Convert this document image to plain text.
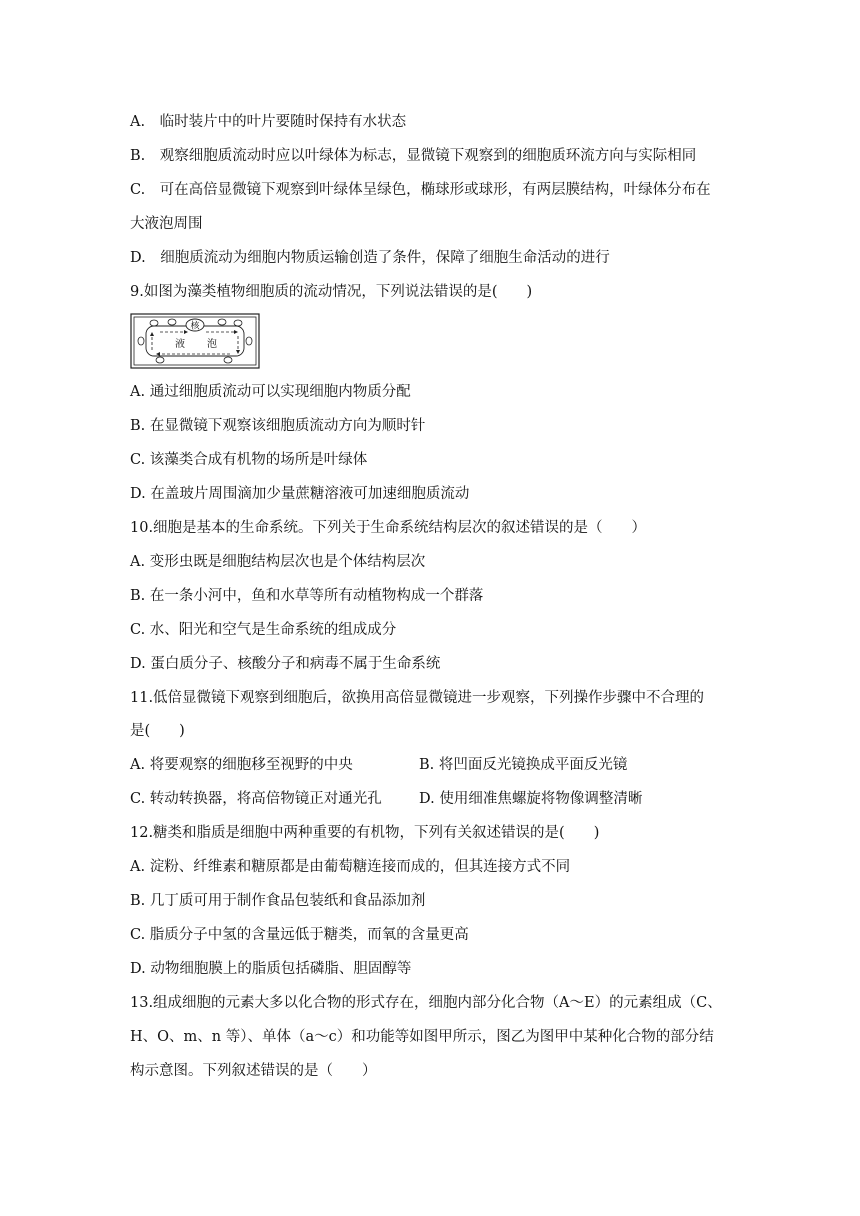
A.　临时装片中的叶片要随时保持有水状态
B.　观察细胞质流动时应以叶绿体为标志，显微镜下观察到的细胞质环流方向与实际相同
C.　可在高倍显微镜下观察到叶绿体呈绿色，椭球形或球形，有两层膜结构，叶绿体分布在
大液泡周围
D.　细胞质流动为细胞内物质运输创造了条件，保障了细胞生命活动的进行
9.如图为藻类植物细胞质的流动情况，下列说法错误的是(　　)
核
液 泡
A. 通过细胞质流动可以实现细胞内物质分配
B. 在显微镜下观察该细胞质流动方向为顺时针
C. 该藻类合成有机物的场所是叶绿体
D. 在盖玻片周围滴加少量蔗糖溶液可加速细胞质流动
10.细胞是基本的生命系统。下列关于生命系统结构层次的叙述错误的是（　　）
A. 变形虫既是细胞结构层次也是个体结构层次
B. 在一条小河中，鱼和水草等所有动植物构成一个群落
C. 水、阳光和空气是生命系统的组成成分
D. 蛋白质分子、核酸分子和病毒不属于生命系统
11.低倍显微镜下观察到细胞后，欲换用高倍显微镜进一步观察，下列操作步骤中不合理的
是(　　)
A. 将要观察的细胞移至视野的中央	B. 将凹面反光镜换成平面反光镜
C. 转动转换器，将高倍物镜正对通光孔	D. 使用细准焦螺旋将物像调整清晰
12.糖类和脂质是细胞中两种重要的有机物，下列有关叙述错误的是(　　)
A. 淀粉、纤维素和糖原都是由葡萄糖连接而成的，但其连接方式不同
B. 几丁质可用于制作食品包装纸和食品添加剂
C. 脂质分子中氢的含量远低于糖类，而氧的含量更高
D. 动物细胞膜上的脂质包括磷脂、胆固醇等
13.组成细胞的元素大多以化合物的形式存在，细胞内部分化合物（A～E）的元素组成（C、
H、O、m、n 等）、单体（a～c）和功能等如图甲所示，图乙为图甲中某种化合物的部分结
构示意图。下列叙述错误的是（　　）
